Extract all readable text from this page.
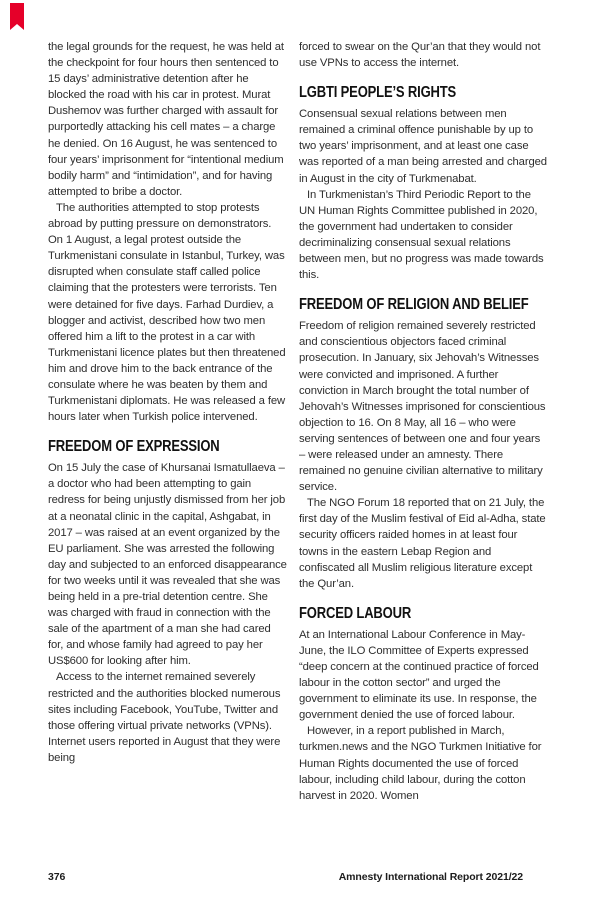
the legal grounds for the request, he was held at the checkpoint for four hours then sentenced to 15 days’ administrative detention after he blocked the road with his car in protest. Murat Dushemov was further charged with assault for purportedly attacking his cell mates – a charge he denied. On 16 August, he was sentenced to four years’ imprisonment for “intentional medium bodily harm” and “intimidation”, and for having attempted to bribe a doctor.

The authorities attempted to stop protests abroad by putting pressure on demonstrators. On 1 August, a legal protest outside the Turkmenistani consulate in Istanbul, Turkey, was disrupted when consulate staff called police claiming that the protesters were terrorists. Ten were detained for five days. Farhad Durdiev, a blogger and activist, described how two men offered him a lift to the protest in a car with Turkmenistani licence plates but then threatened him and drove him to the back entrance of the consulate where he was beaten by them and Turkmenistani diplomats. He was released a few hours later when Turkish police intervened.

FREEDOM OF EXPRESSION

On 15 July the case of Khursanai Ismatullaeva – a doctor who had been attempting to gain redress for being unjustly dismissed from her job at a neonatal clinic in the capital, Ashgabat, in 2017 – was raised at an event organized by the EU parliament. She was arrested the following day and subjected to an enforced disappearance for two weeks until it was revealed that she was being held in a pre-trial detention centre. She was charged with fraud in connection with the sale of the apartment of a man she had cared for, and whose family had agreed to pay her US$600 for looking after him.

Access to the internet remained severely restricted and the authorities blocked numerous sites including Facebook, YouTube, Twitter and those offering virtual private networks (VPNs). Internet users reported in August that they were being

forced to swear on the Qur’an that they would not use VPNs to access the internet.

LGBTI PEOPLE’S RIGHTS

Consensual sexual relations between men remained a criminal offence punishable by up to two years’ imprisonment, and at least one case was reported of a man being arrested and charged in August in the city of Turkmenabat.

In Turkmenistan’s Third Periodic Report to the UN Human Rights Committee published in 2020, the government had undertaken to consider decriminalizing consensual sexual relations between men, but no progress was made towards this.

FREEDOM OF RELIGION AND BELIEF

Freedom of religion remained severely restricted and conscientious objectors faced criminal prosecution. In January, six Jehovah’s Witnesses were convicted and imprisoned. A further conviction in March brought the total number of Jehovah’s Witnesses imprisoned for conscientious objection to 16. On 8 May, all 16 – who were serving sentences of between one and four years – were released under an amnesty. There remained no genuine civilian alternative to military service.

The NGO Forum 18 reported that on 21 July, the first day of the Muslim festival of Eid al-Adha, state security officers raided homes in at least four towns in the eastern Lebap Region and confiscated all Muslim religious literature except the Qur’an.

FORCED LABOUR

At an International Labour Conference in May-June, the ILO Committee of Experts expressed “deep concern at the continued practice of forced labour in the cotton sector” and urged the government to eliminate its use. In response, the government denied the use of forced labour.

However, in a report published in March, turkmen.news and the NGO Turkmen Initiative for Human Rights documented the use of forced labour, including child labour, during the cotton harvest in 2020. Women

376	Amnesty International Report 2021/22
